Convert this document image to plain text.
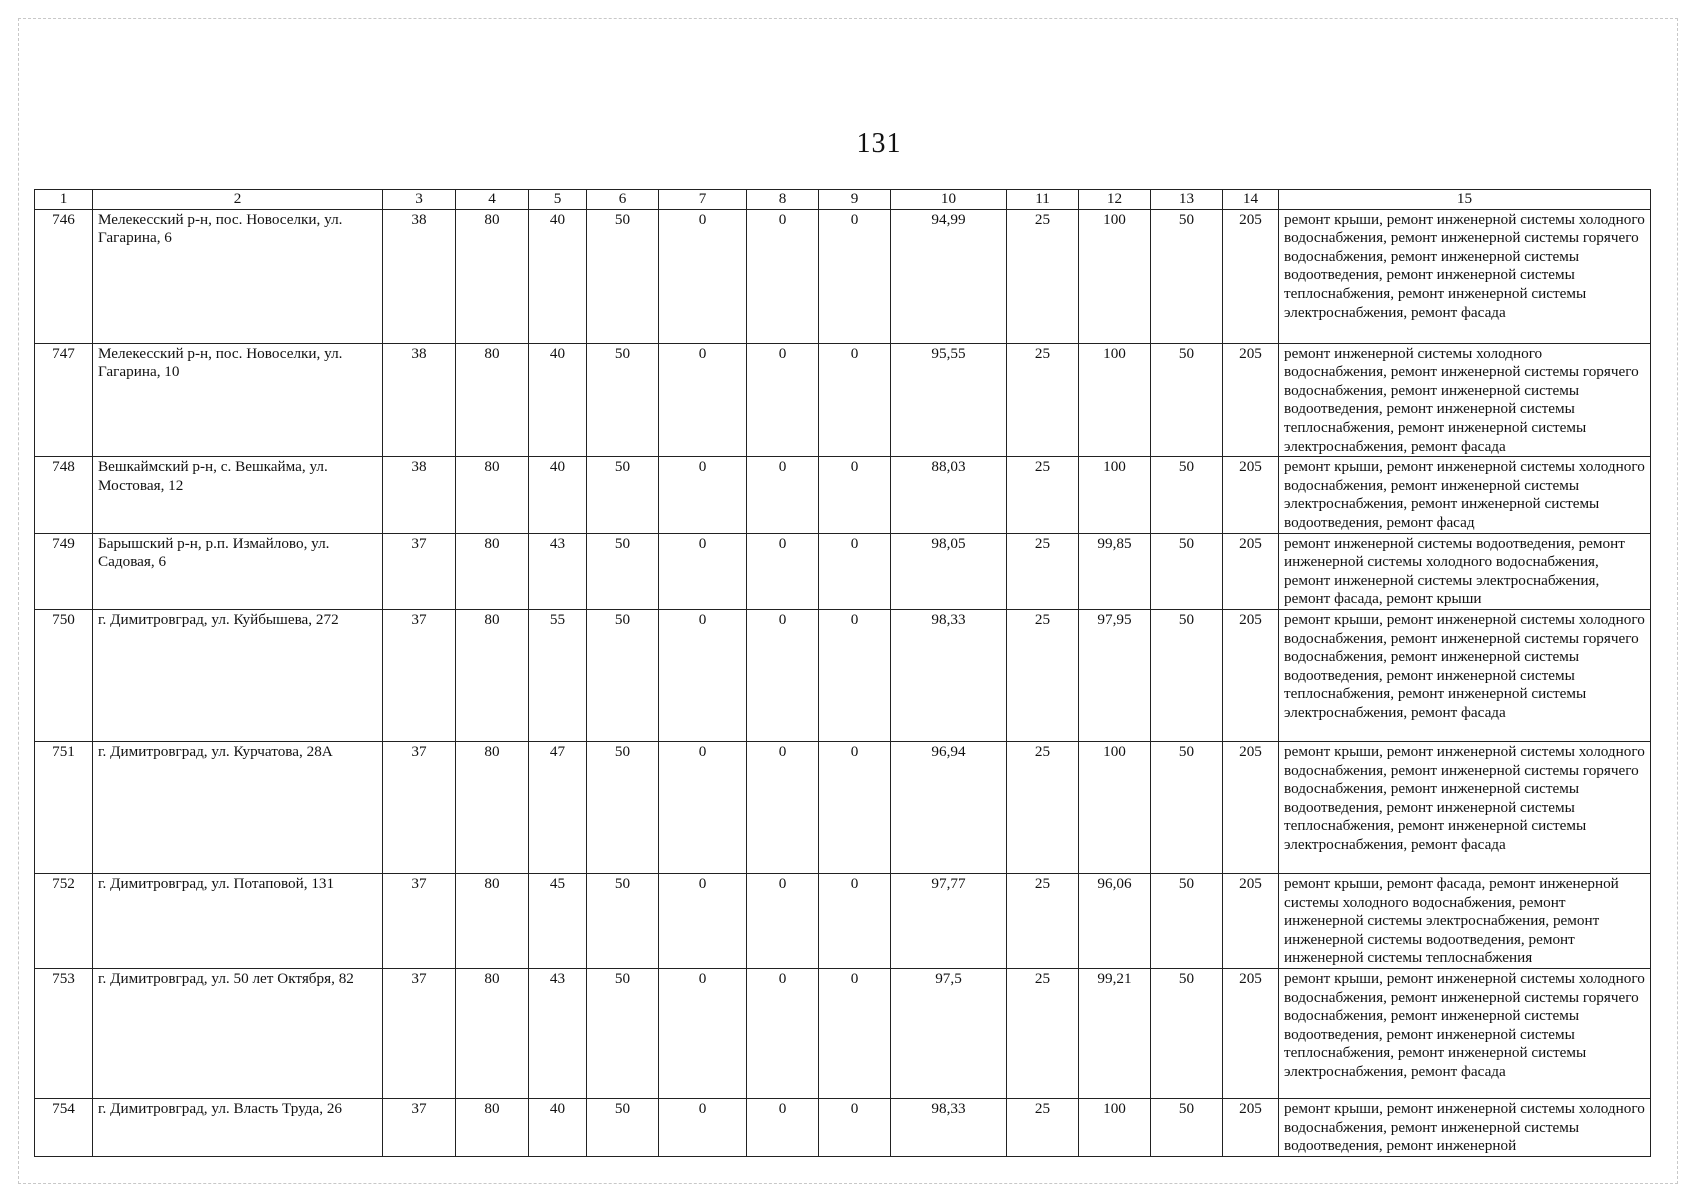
131
1	2	3	4	5	6	7	8	9	10	11	12	13	14	15
746	Мелекесский р-н, пос. Новоселки, ул. Гагарина, 6	38	80	40	50	0	0	0	94,99	25	100	50	205	ремонт крыши, ремонт инженерной системы холодного водоснабжения, ремонт инженерной системы горячего водоснабжения, ремонт инженерной системы водоотведения, ремонт инженерной системы теплоснабжения, ремонт инженерной системы электроснабжения, ремонт фасада
747	Мелекесский р-н, пос. Новоселки, ул. Гагарина, 10	38	80	40	50	0	0	0	95,55	25	100	50	205	ремонт инженерной системы холодного водоснабжения, ремонт инженерной системы горячего водоснабжения, ремонт инженерной системы водоотведения, ремонт инженерной системы теплоснабжения, ремонт инженерной системы электроснабжения, ремонт фасада
748	Вешкаймский р-н, с. Вешкайма, ул. Мостовая, 12	38	80	40	50	0	0	0	88,03	25	100	50	205	ремонт крыши, ремонт инженерной системы холодного водоснабжения, ремонт инженерной системы электроснабжения, ремонт инженерной системы водоотведения, ремонт фасад
749	Барышский р-н, р.п. Измайлово, ул. Садовая, 6	37	80	43	50	0	0	0	98,05	25	99,85	50	205	ремонт инженерной системы водоотведения, ремонт инженерной системы холодного водоснабжения, ремонт инженерной системы электроснабжения, ремонт фасада, ремонт крыши
750	г. Димитровград, ул. Куйбышева, 272	37	80	55	50	0	0	0	98,33	25	97,95	50	205	ремонт крыши, ремонт инженерной системы холодного водоснабжения, ремонт инженерной системы горячего водоснабжения, ремонт инженерной системы водоотведения, ремонт инженерной системы теплоснабжения, ремонт инженерной системы электроснабжения, ремонт фасада
751	г. Димитровград, ул. Курчатова, 28А	37	80	47	50	0	0	0	96,94	25	100	50	205	ремонт крыши, ремонт инженерной системы холодного водоснабжения, ремонт инженерной системы горячего водоснабжения, ремонт инженерной системы водоотведения, ремонт инженерной системы теплоснабжения, ремонт инженерной системы электроснабжения, ремонт фасада
752	г. Димитровград, ул. Потаповой, 131	37	80	45	50	0	0	0	97,77	25	96,06	50	205	ремонт крыши, ремонт фасада, ремонт инженерной системы холодного водоснабжения, ремонт инженерной системы электроснабжения, ремонт инженерной системы водоотведения, ремонт инженерной системы теплоснабжения
753	г. Димитровград, ул. 50 лет Октября, 82	37	80	43	50	0	0	0	97,5	25	99,21	50	205	ремонт крыши, ремонт инженерной системы холодного водоснабжения, ремонт инженерной системы горячего водоснабжения, ремонт инженерной системы водоотведения, ремонт инженерной системы теплоснабжения, ремонт инженерной системы электроснабжения, ремонт фасада
754	г. Димитровград, ул. Власть Труда, 26	37	80	40	50	0	0	0	98,33	25	100	50	205	ремонт крыши, ремонт инженерной системы холодного водоснабжения, ремонт инженерной системы водоотведения, ремонт инженерной
